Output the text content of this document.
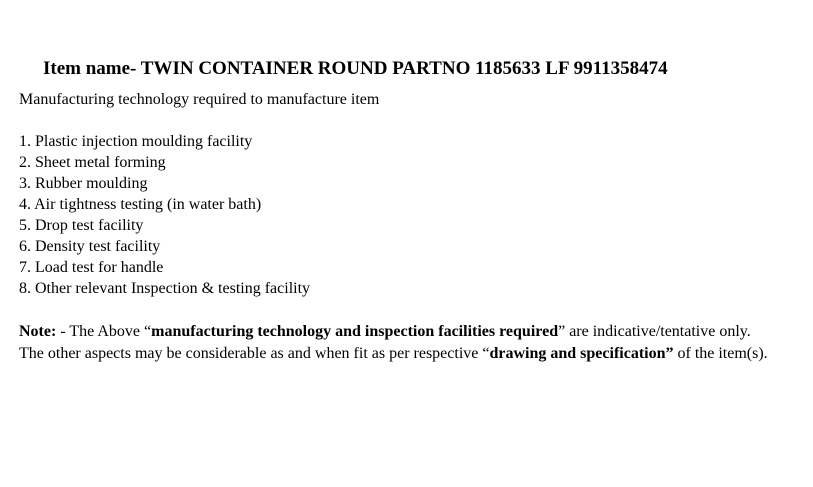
Item name- TWIN CONTAINER ROUND PARTNO 1185633 LF 9911358474
Manufacturing technology required to manufacture item
1. Plastic injection moulding facility
2. Sheet metal forming
3. Rubber moulding
4. Air tightness testing (in water bath)
5. Drop test facility
6. Density test facility
7. Load test for handle
8. Other relevant Inspection & testing facility
Note: - The Above “manufacturing technology and inspection facilities required” are indicative/tentative only. The other aspects may be considerable as and when fit as per respective “drawing and specification” of the item(s).
